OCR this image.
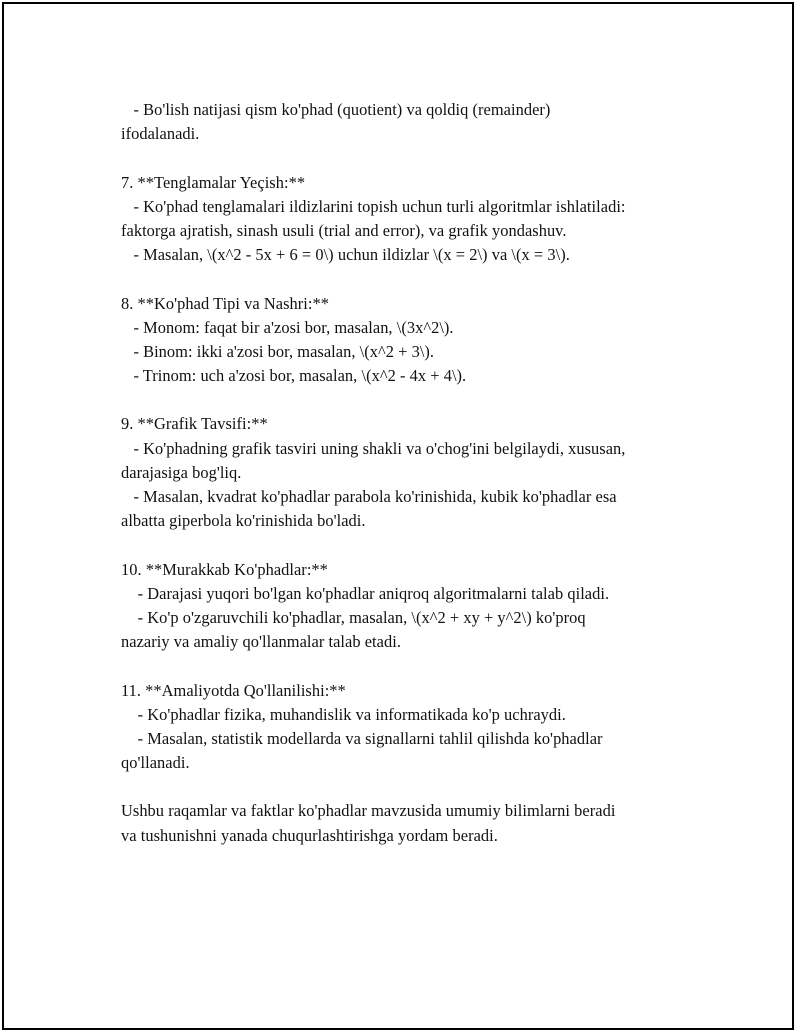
- Bo'lish natijasi qism ko'phad (quotient) va qoldiq (remainder)
ifodalanadi.
7. **Tenglamalar Yeçish:**
- Ko'phad tenglamalari ildizlarini topish uchun turli algoritmlar ishlatiladi:
faktorga ajratish, sinash usuli (trial and error), va grafik yondashuv.
- Masalan, \(x^2 - 5x + 6 = 0\) uchun ildizlar \(x = 2\) va \(x = 3\).
8. **Ko'phad Tipi va Nashri:**
- Monom: faqat bir a'zosi bor, masalan, \(3x^2\).
- Binom: ikki a'zosi bor, masalan, \(x^2 + 3\).
- Trinom: uch a'zosi bor, masalan, \(x^2 - 4x + 4\).
9. **Grafik Tavsifi:**
- Ko'phadning grafik tasviri uning shakli va o'chog'ini belgilaydi, xususan,
darajasiga bog'liq.
- Masalan, kvadrat ko'phadlar parabola ko'rinishida, kubik ko'phadlar esa
albatta giperbola ko'rinishida bo'ladi.
10. **Murakkab Ko'phadlar:**
- Darajasi yuqori bo'lgan ko'phadlar aniqroq algoritmalarni talab qiladi.
- Ko'p o'zgaruvchili ko'phadlar, masalan, \(x^2 + xy + y^2\) ko'proq
nazariy va amaliy qo'llanmalar talab etadi.
11. **Amaliyotda Qo'llanilishi:**
- Ko'phadlar fizika, muhandislik va informatikada ko'p uchraydi.
- Masalan, statistik modellarda va signallarni tahlil qilishda ko'phadlar
qo'llanadi.
Ushbu raqamlar va faktlar ko'phadlar mavzusida umumiy bilimlarni beradi
va tushunishni yanada chuqurlashtirishga yordam beradi.
